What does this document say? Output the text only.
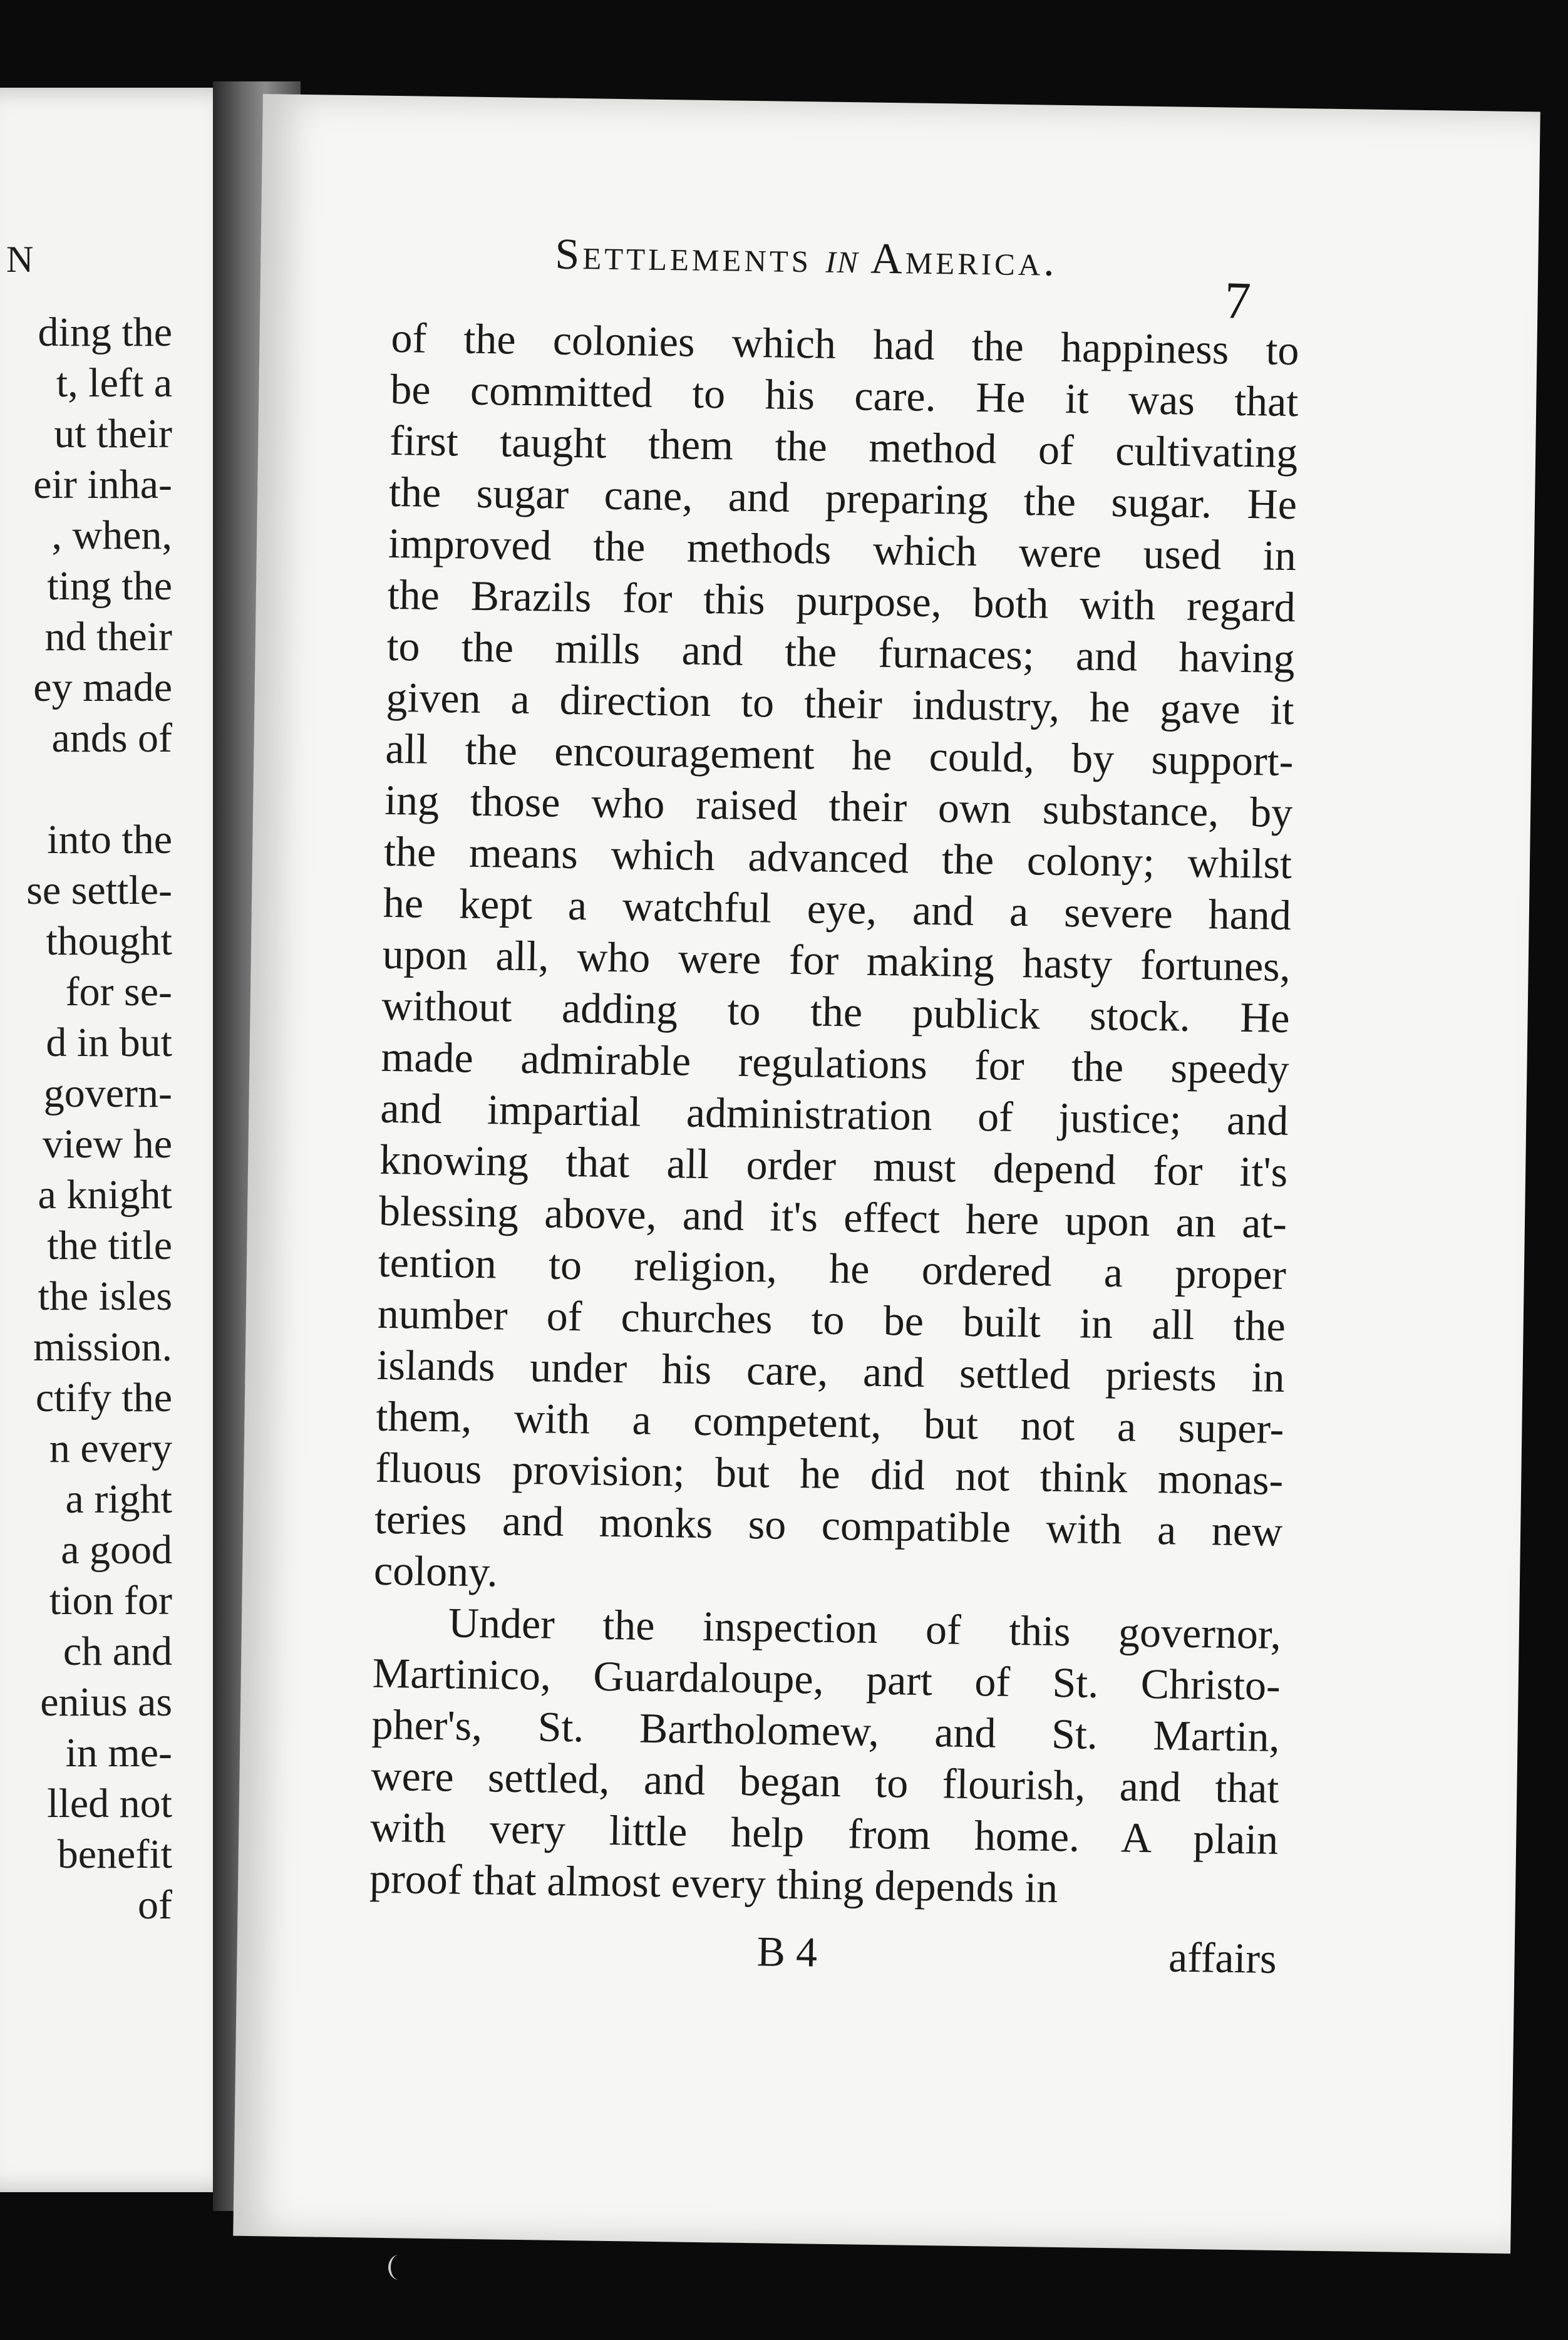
N
ding the
t, left a
ut their
eir inha-
, when,
ting the
nd their
ey made
ands of
into the
se settle-
thought
for se-
d in but
govern-
view he
a knight
the title
the isles
mission.
ctify the
n every
a right
a good
tion for
ch and
enius as
in me-
lled not
benefit
of
Settlements in America.
7
of the colonies which had the happiness to
be committed to his care. He it was that
first taught them the method of cultivating
the sugar cane, and preparing the sugar. He
improved the methods which were used in
the Brazils for this purpose, both with regard
to the mills and the furnaces; and having
given a direction to their industry, he gave it
all the encouragement he could, by support-
ing those who raised their own substance, by
the means which advanced the colony; whilst
he kept a watchful eye, and a severe hand
upon all, who were for making hasty fortunes,
without adding to the publick stock. He
made admirable regulations for the speedy
and impartial administration of justice; and
knowing that all order must depend for it's
blessing above, and it's effect here upon an at-
tention to religion, he ordered a proper
number of churches to be built in all the
islands under his care, and settled priests in
them, with a competent, but not a super-
fluous provision; but he did not think monas-
teries and monks so compatible with a new
colony.
Under the inspection of this governor,
Martinico, Guardaloupe, part of St. Christo-
pher's, St. Bartholomew, and St. Martin,
were settled, and began to flourish, and that
with very little help from home. A plain
proof that almost every thing depends in
B 4	affairs
